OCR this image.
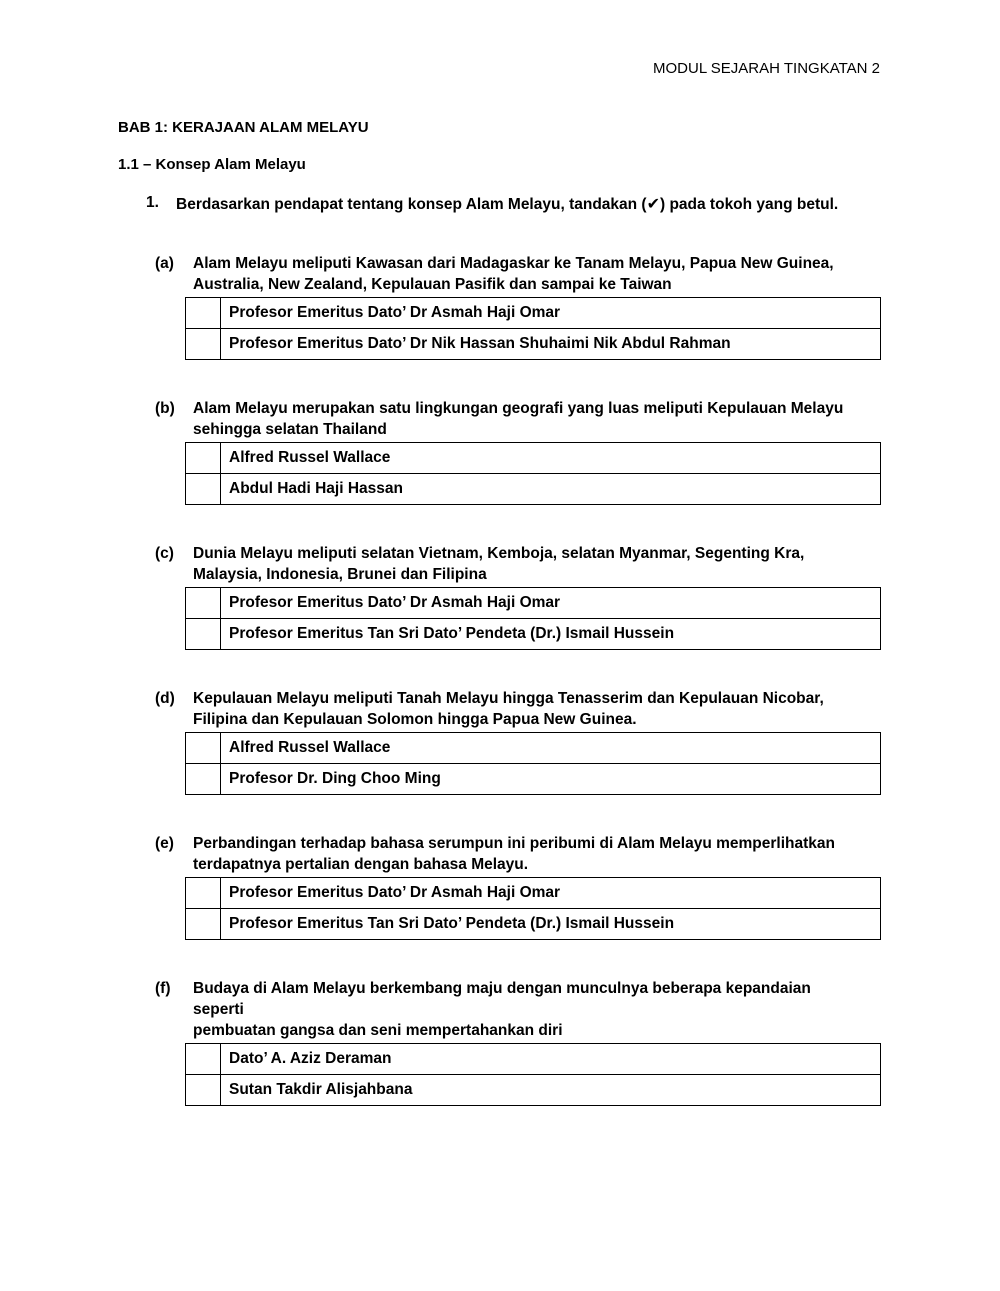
MODUL SEJARAH TINGKATAN 2
BAB 1: KERAJAAN ALAM MELAYU
1.1 – Konsep Alam Melayu
1.	Berdasarkan pendapat tentang konsep Alam Melayu, tandakan (✔) pada tokoh yang betul.
(a)	Alam Melayu meliputi Kawasan dari Madagaskar ke Tanam Melayu, Papua New Guinea,
Australia, New Zealand, Kepulauan Pasifik dan sampai ke Taiwan
	Profesor Emeritus Dato’ Dr Asmah Haji Omar
	Profesor Emeritus Dato’ Dr Nik Hassan Shuhaimi Nik Abdul Rahman
(b)	Alam Melayu merupakan satu lingkungan geografi yang luas meliputi Kepulauan Melayu
sehingga selatan Thailand
	Alfred Russel Wallace
	Abdul Hadi Haji Hassan
(c)	Dunia Melayu meliputi selatan Vietnam, Kemboja, selatan Myanmar, Segenting Kra,
Malaysia, Indonesia, Brunei dan Filipina
	Profesor Emeritus Dato’ Dr Asmah Haji Omar
	Profesor Emeritus Tan Sri Dato’ Pendeta (Dr.) Ismail Hussein
(d)	Kepulauan Melayu meliputi Tanah Melayu hingga Tenasserim dan Kepulauan Nicobar,
Filipina dan Kepulauan Solomon hingga Papua New Guinea.
	Alfred Russel Wallace
	Profesor Dr. Ding Choo Ming
(e)	Perbandingan terhadap bahasa serumpun ini peribumi di Alam Melayu memperlihatkan
terdapatnya pertalian dengan bahasa Melayu.
	Profesor Emeritus Dato’ Dr Asmah Haji Omar
	Profesor Emeritus Tan Sri Dato’ Pendeta (Dr.) Ismail Hussein
(f)	Budaya di Alam Melayu berkembang maju dengan munculnya beberapa kepandaian
seperti
pembuatan gangsa dan seni mempertahankan diri
	Dato’ A. Aziz Deraman
	Sutan Takdir Alisjahbana
